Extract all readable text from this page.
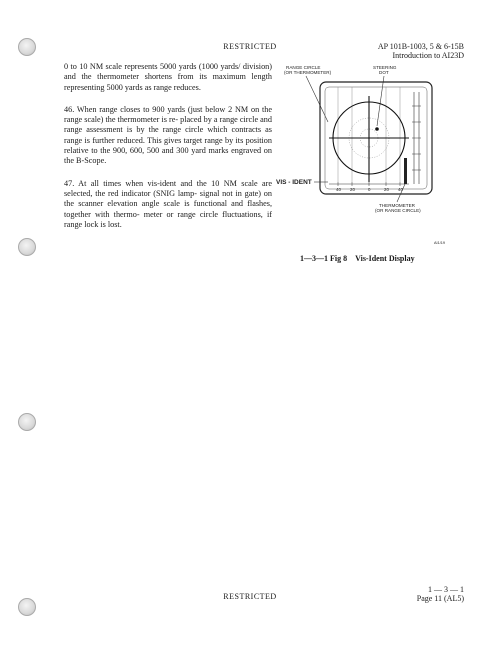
RESTRICTED	AP 101B-1003, 5 & 6-15B
Introduction to AI23D

0 to 10 NM scale represents 5000 yards (1000 yards/ division) and the thermometer shortens from its maximum length representing 5000 yards as range reduces.

46. When range closes to 900 yards (just below 2 NM on the range scale) the thermometer is re- placed by a range circle and range assessment is by the range circle which contracts as range is further reduced. This gives target range by its position relative to the 900, 600, 500 and 300 yard marks engraved on the B-Scope.

47. At all times when vis-ident and the 10 NM scale are selected, the red indicator (SNIG lamp- signal not in gate) on the scanner elevation angle scale is functional and flashes, together with thermo- meter or range circle fluctuations, if range lock is lost.

RANGE CIRCLE
(OR THERMOMETER)
STEERING
DOT
40 20	0	20 40
VIS - IDENT
THERMOMETER
(OR RANGE CIRCLE)
AI1/19
1—3—1 Fig 8 Vis-Ident Display
RESTRICTED
1 — 3 — 1
Page 11 (AL5)
